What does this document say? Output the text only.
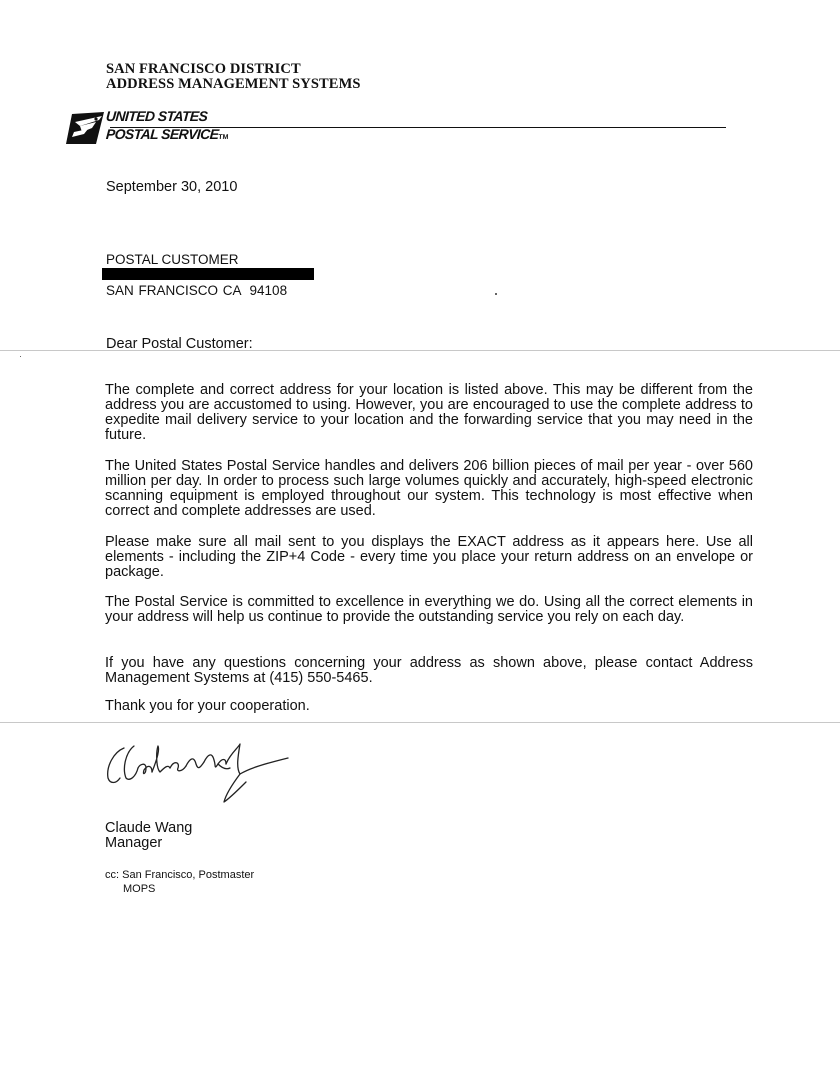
SAN FRANCISCO DISTRICT
ADDRESS MANAGEMENT SYSTEMS
UNITED STATES
POSTAL SERVICETM
September 30, 2010
POSTAL CUSTOMER
SAN FRANCISCO CA 94108
Dear Postal Customer:

The complete and correct address for your location is listed above. This may be different from the address you are accustomed to using. However, you are encouraged to use the complete address to expedite mail delivery service to your location and the forwarding service that you may need in the future.

The United States Postal Service handles and delivers 206 billion pieces of mail per year - over 560 million per day. In order to process such large volumes quickly and accurately, high-speed electronic scanning equipment is employed throughout our system. This technology is most effective when correct and complete addresses are used.

Please make sure all mail sent to you displays the EXACT address as it appears here. Use all elements - including the ZIP+4 Code - every time you place your return address on an envelope or package.

The Postal Service is committed to excellence in everything we do. Using all the correct elements in your address will help us continue to provide the outstanding service you rely on each day.

If you have any questions concerning your address as shown above, please contact Address Management Systems at (415) 550-5465.

Thank you for your cooperation.
Claude Wang
Manager
cc: San Francisco, Postmaster
MOPS
